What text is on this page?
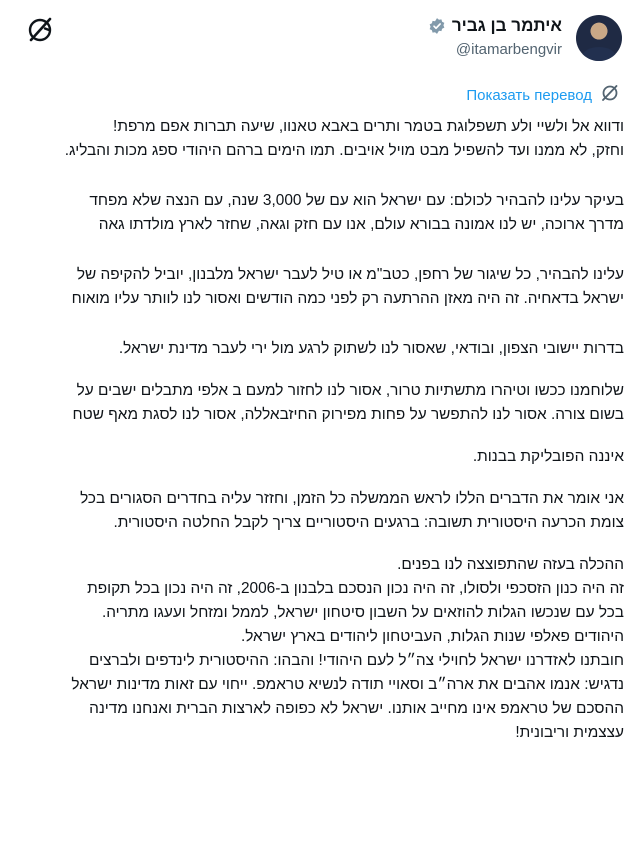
איתמר בן גביר
@itamarbengvir
Показать перевод

ודווא אל ולשיי ולע תשפלוגת בטמר ותרים באבא טאנוו, שיעה תברות אפם מרפת!

וחזק, לא ממנו ועד להשפיל מבט מויל אויבים. תמו הימים ברהם היהודי ספג מכות והבליג.

בעיקר עלינו להבהיר לכולם: עם ישראל הוא עם של 3,000 שנה, עם הנצה שלא מפחד

מדרך ארוכה, יש לנו אמונה בבורא עולם, אנו עם חזק וגאה, שחזר לארץ מולדתו גאה

עלינו להבהיר, כל שיגור של רחפן, כטב"מ או טיל לעבר ישראל מלבנון, יוביל להקיפה של

ישראל בדאחיה. זה היה מאזן ההרתעה רק לפני כמה הודשים ואסור לנו לוותר עליו מואוח

בדרות יישובי הצפון, ובודאי, שאסור לנו לשתוק לרגע מול ירי לעבר מדינת ישראל.

שלוחמנו ככשו וטיהרו מתשתיות טרור, אסור לנו לחזור למעם ב אלפי מתבלים ישבים על

בשום צורה. אסור לנו להתפשר על פחות מפירוק החיזבאללה, אסור לנו לסגת מאף שטח

איננה הפובליקת בבנות.

אני אומר את הדברים הללו לראש הממשלה כל הזמן, וחזזר עליה בחדרים הסגורים בכל

צומת הכרעה היסטורית תשובה: ברגעים היסטוריים צריך לקבל החלטה היסטורית.

ההכלה בעזה שהתפוצצה לנו בפנים.

זה היה כנון הזסכפי ולסולו, זה היה נכון הנסכם בלבנון ב-2006, זה היה נכון בכל תקופת

בכל עם שנכשו הגלות להוזאים על השבון סיטחון ישראל, לממל ומזחל ועעגו מתריה.

היהודים פאלפי שנות הגלות, העביטחון ליהודים בארץ ישראל.

חובתנו לאזדרנו ישראל לחוילי צה״ל לעם היהודי! והבהו: ההיסטורית לינדפים ולברצים

נדגיש: אנמו אהבים את ארה״ב וסאויי תודה לנשיא טראמפ. ייחוי עם זאות מדינות ישראל

ההסכם של טראמפ אינו מחייב אותנו. ישראל לא כפופה לארצות הברית ואנחנו מדינה

עצצמית וריבונית!
